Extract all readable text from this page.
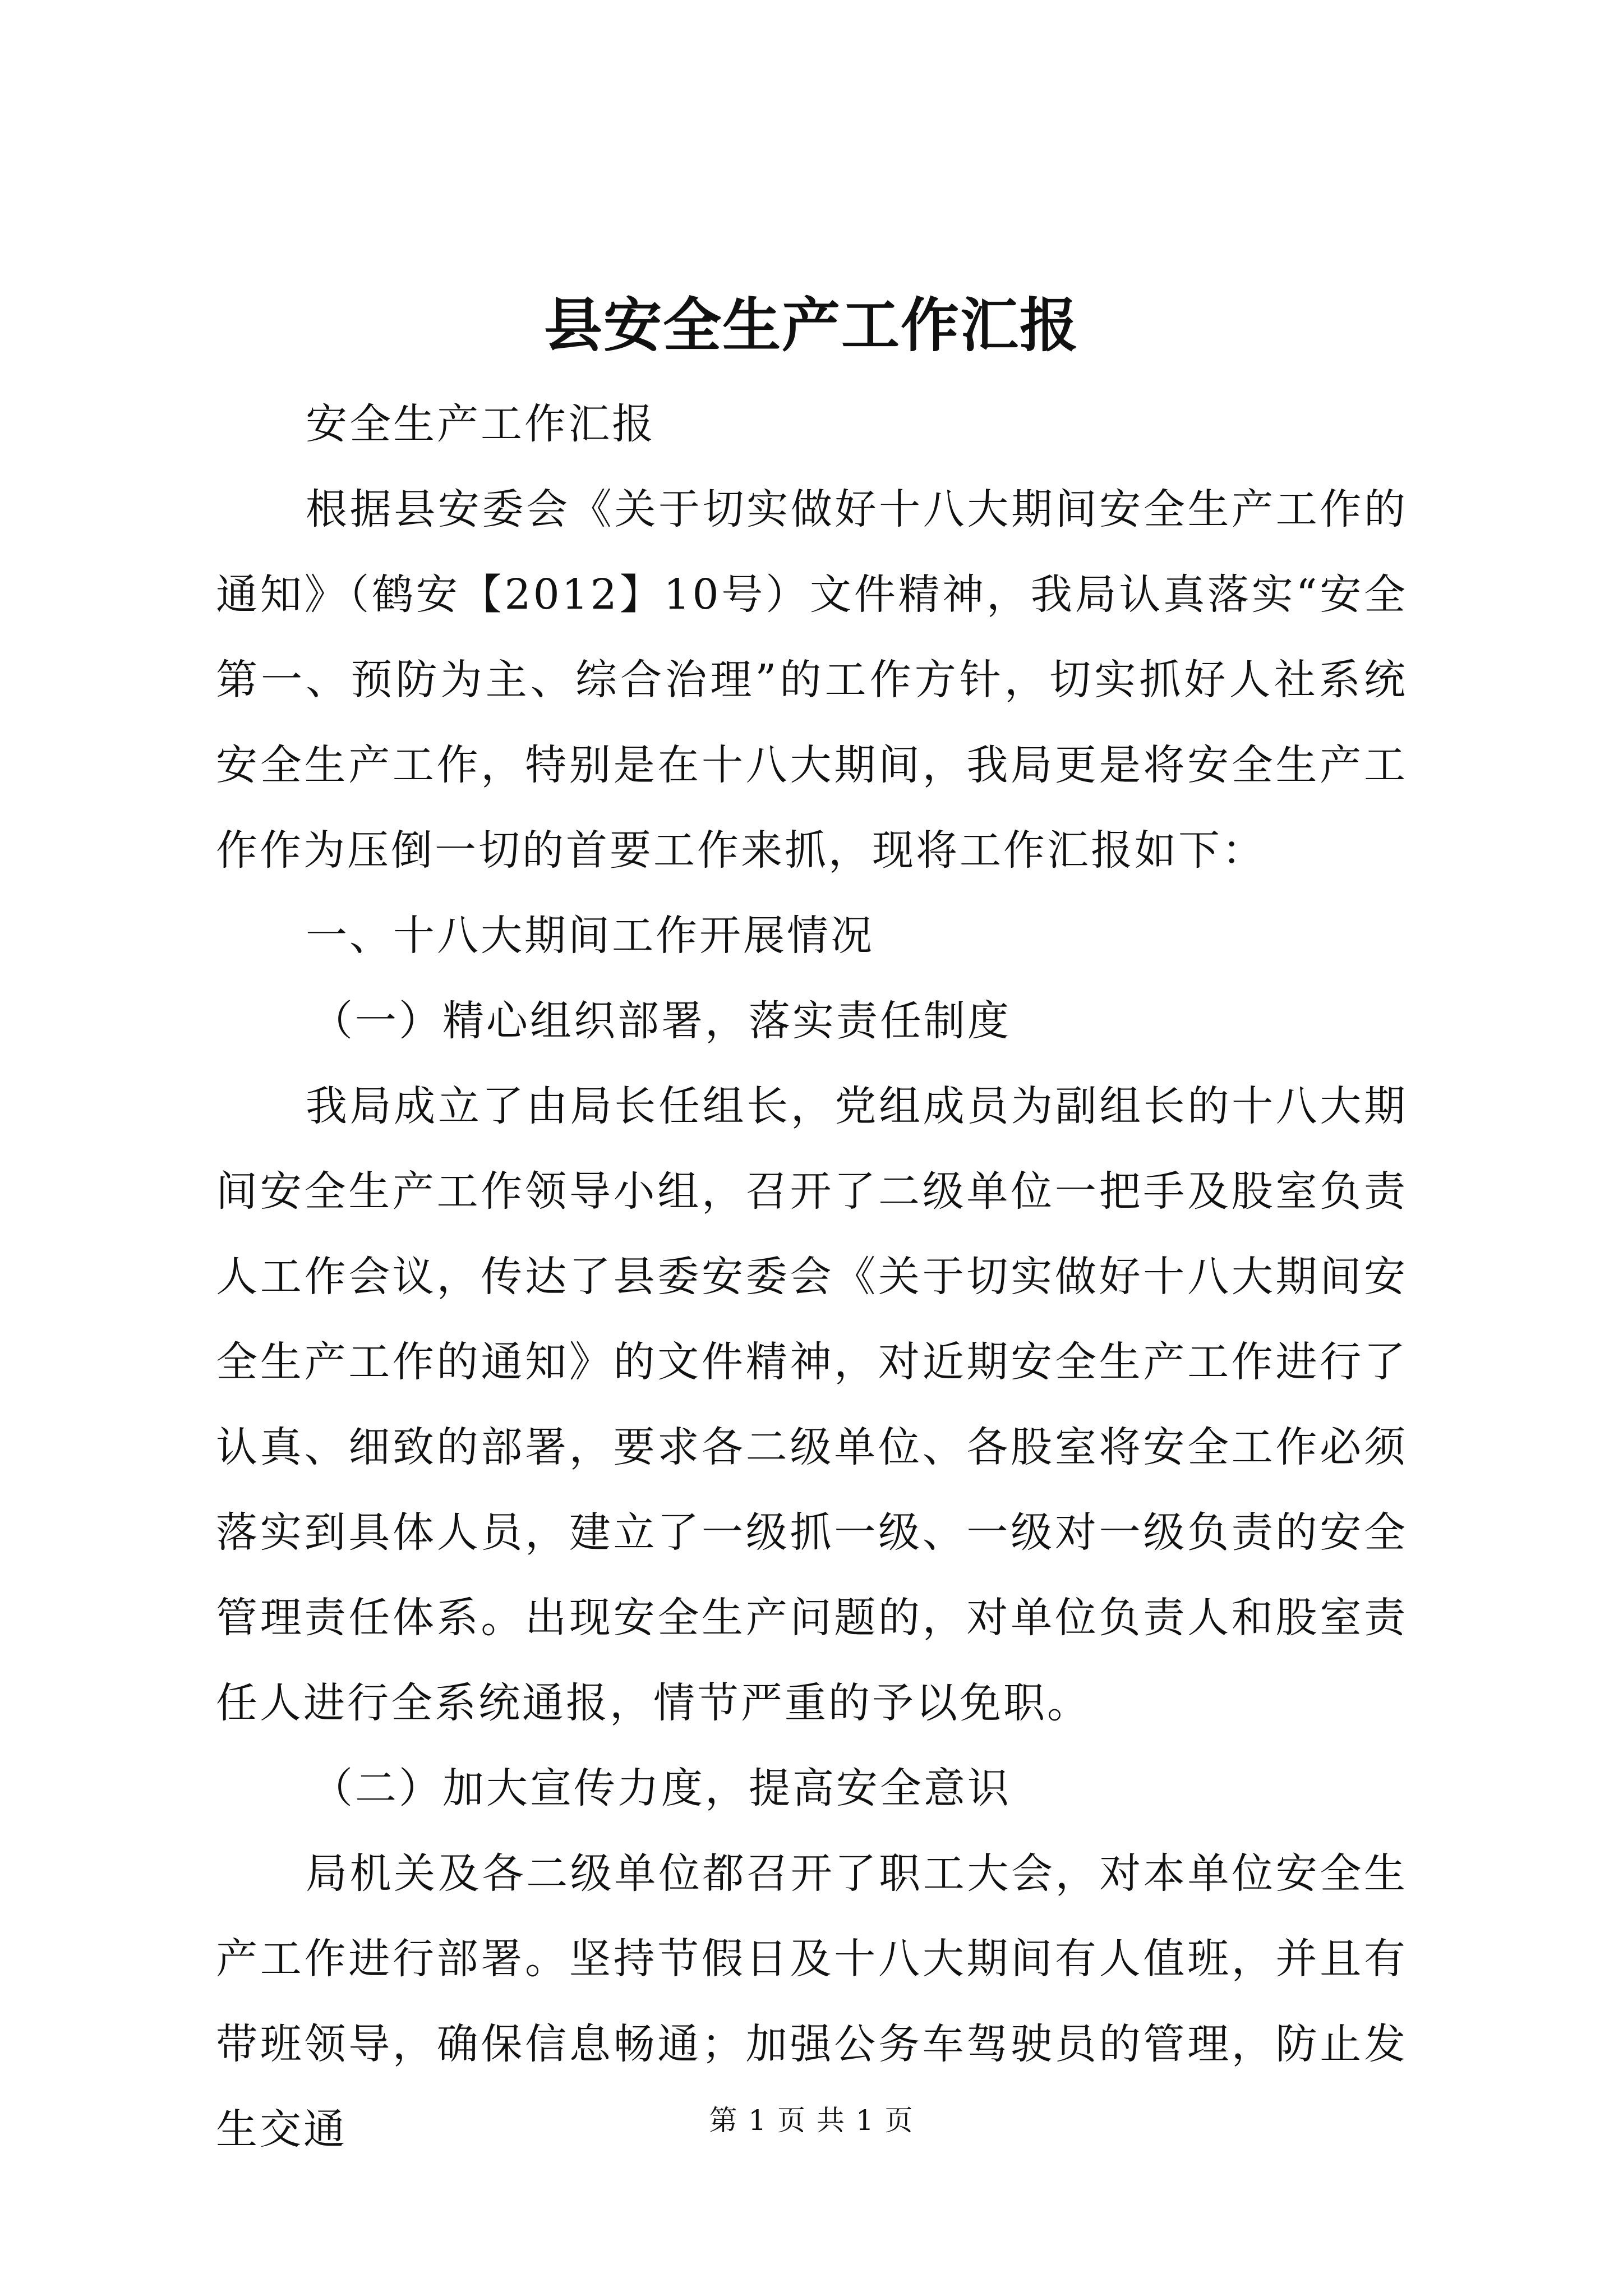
县安全生产工作汇报

安全生产工作汇报

根据县安委会《关于切实做好十八大期间安全生产工作的通知》（鹤安【2012】10号）文件精神，我局认真落实“安全第一、预防为主、综合治理”的工作方针，切实抓好人社系统安全生产工作，特别是在十八大期间，我局更是将安全生产工作作为压倒一切的首要工作来抓，现将工作汇报如下：

一、十八大期间工作开展情况

（一）精心组织部署，落实责任制度

我局成立了由局长任组长，党组成员为副组长的十八大期间安全生产工作领导小组，召开了二级单位一把手及股室负责人工作会议，传达了县委安委会《关于切实做好十八大期间安全生产工作的通知》的文件精神，对近期安全生产工作进行了认真、细致的部署，要求各二级单位、各股室将安全工作必须落实到具体人员，建立了一级抓一级、一级对一级负责的安全管理责任体系。出现安全生产问题的，对单位负责人和股室责任人进行全系统通报，情节严重的予以免职。

（二）加大宣传力度，提高安全意识

局机关及各二级单位都召开了职工大会，对本单位安全生产工作进行部署。坚持节假日及十八大期间有人值班，并且有带班领导，确保信息畅通；加强公务车驾驶员的管理，防止发生交通	第 1 页 共 1 页
